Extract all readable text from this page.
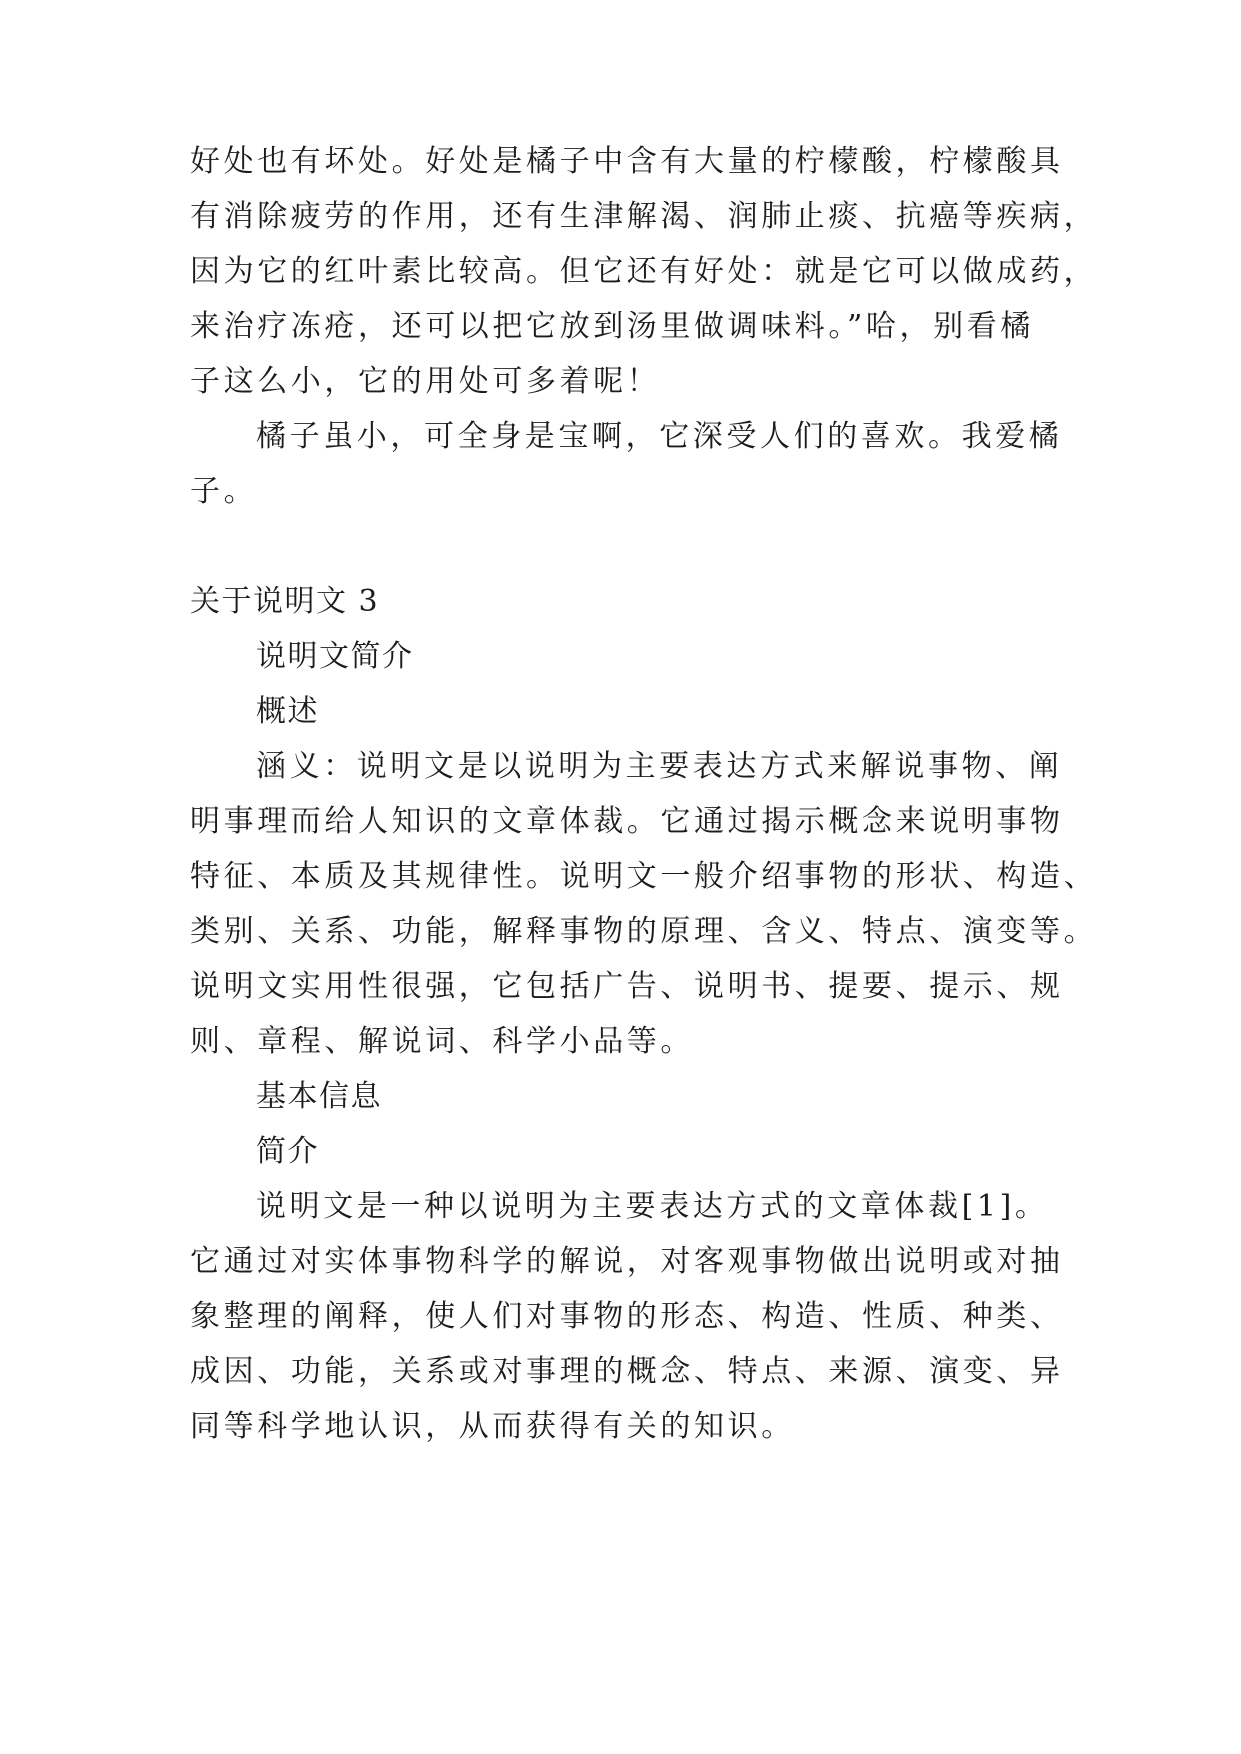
好处也有坏处。好处是橘子中含有大量的柠檬酸，柠檬酸具
有消除疲劳的作用，还有生津解渴、润肺止痰、抗癌等疾病，
因为它的红叶素比较高。但它还有好处：就是它可以做成药，
来治疗冻疮，还可以把它放到汤里做调味料。”哈，别看橘
子这么小，它的用处可多着呢！
橘子虽小，可全身是宝啊，它深受人们的喜欢。我爱橘
子。
关于说明文 3
说明文简介
概述
涵义：说明文是以说明为主要表达方式来解说事物、阐
明事理而给人知识的文章体裁。它通过揭示概念来说明事物
特征、本质及其规律性。说明文一般介绍事物的形状、构造、
类别、关系、功能，解释事物的原理、含义、特点、演变等。
说明文实用性很强，它包括广告、说明书、提要、提示、规
则、章程、解说词、科学小品等。
基本信息
简介
说明文是一种以说明为主要表达方式的文章体裁[1]。
它通过对实体事物科学的解说，对客观事物做出说明或对抽
象整理的阐释，使人们对事物的形态、构造、性质、种类、
成因、功能，关系或对事理的概念、特点、来源、演变、异
同等科学地认识，从而获得有关的知识。
